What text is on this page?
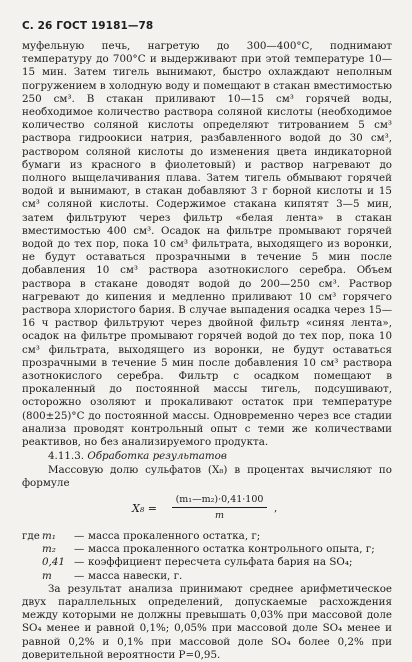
С. 26 ГОСТ 19181—78

муфельную печь, нагретую до 300—400°С, поднимают температуру до 700°С и выдерживают при этой температуре 10—15 мин. Затем тигель вынимают, быстро охлаждают неполным погружением в холодную воду и помещают в стакан вместимостью 250 см³. В стакан приливают 10—15 см³ горячей воды, необходимое количество раствора соляной кислоты (необходимое количество соляной кислоты определяют титрованием 5 см³ раствора гидроокиси натрия, разбавленного водой до 30 см³, раствором соляной кислоты до изменения цвета индикаторной бумаги из красного в фиолетовый) и раствор нагревают до полного выщелачивания плава. Затем тигель обмывают горячей водой и вынимают, в стакан добавляют 3 г борной кислоты и 15 см³ соляной кислоты. Содержимое стакана кипятят 3—5 мин, затем фильтруют через фильтр «белая лента» в стакан вместимостью 400 см³. Осадок на фильтре промывают горячей водой до тех пор, пока 10 см³ фильтрата, выходящего из воронки, не будут оставаться прозрачными в течение 5 мин после добавления 10 см³ раствора азотнокислого серебра. Объем раствора в стакане доводят водой до 200—250 см³. Раствор нагревают до кипения и медленно приливают 10 см³ горячего раствора хлористого бария. В случае выпадения осадка через 15—16 ч раствор фильтруют через двойной фильтр «синяя лента», осадок на фильтре промывают горячей водой до тех пор, пока 10 см³ фильтрата, выходящего из воронки, не будут оставаться прозрачными в течение 5 мин после добавления 10 см³ раствора азотнокислого серебра. Фильтр с осадком помещают в прокаленный до постоянной массы тигель, подсушивают, осторожно озоляют и прокаливают остаток при температуре (800±25)°С до постоянной массы. Одновременно через все стадии анализа проводят контрольный опыт с теми же количествами реактивов, но без анализируемого продукта.

4.11.3. Обработка результатов

Массовую долю сульфатов (X₈) в процентах вычисляют по формуле

$X_8 = \frac{\text{(m₁—m₂)·0,41·100}}{m}$ ,
где m₁	— масса прокаленного остатка, г;
m₂	— масса прокаленного остатка контрольного опыта, г;
0,41 — коэффициент пересчета сульфата бария на SO₄;
m	— масса навески, г.

За результат анализа принимают среднее арифметическое двух параллельных определений, допускаемые расхождения между которыми не должны превышать 0,03% при массовой доле SO₄ менее и равной 0,1%; 0,05% при массовой доле SO₄ менее и равной 0,2% и 0,1% при массовой доле SO₄ более 0,2% при доверительной вероятности P=0,95.
